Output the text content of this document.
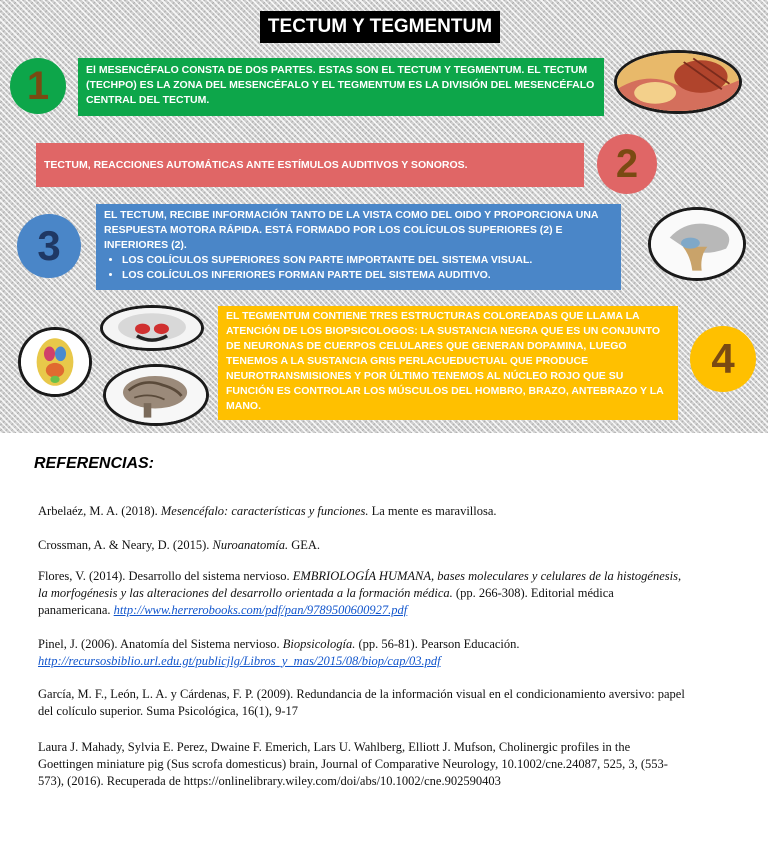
TECTUM Y TEGMENTUM
1	El MESENCÉFALO CONSTA DE DOS PARTES. ESTAS SON EL TECTUM Y TEGMENTUM. EL TECTUM (TECHPO) ES LA ZONA DEL MESENCÉFALO Y EL TEGMENTUM ES LA DIVISIÓN DEL MESENCÉFALO CENTRAL DEL TECTUM.
TECTUM, REACCIONES AUTOMÁTICAS ANTE ESTÍMULOS AUDITIVOS Y SONOROS.	2
3
EL TECTUM, RECIBE INFORMACIÓN TANTO DE LA VISTA COMO DEL OIDO Y PROPORCIONA UNA RESPUESTA MOTORA RÁPIDA. ESTÁ FORMADO POR LOS COLÍCULOS SUPERIORES (2) E INFERIORES (2).
• LOS COLÍCULOS SUPERIORES SON PARTE IMPORTANTE DEL SISTEMA VISUAL.
• LOS COLÍCULOS INFERIORES FORMAN PARTE DEL SISTEMA AUDITIVO.
EL TEGMENTUM CONTIENE TRES ESTRUCTURAS COLOREADAS QUE LLAMA LA ATENCIÓN DE LOS BIOPSICOLOGOS: LA SUSTANCIA NEGRA QUE ES UN CONJUNTO DE NEURONAS DE CUERPOS CELULARES QUE GENERAN DOPAMINA, LUEGO TENEMOS A LA SUSTANCIA GRIS PERLACUEDUCTUAL QUE PRODUCE NEUROTRANSMISIONES Y POR ÚLTIMO TENEMOS AL NÚCLEO ROJO QUE SU FUNCIÓN ES CONTROLAR LOS MÚSCULOS DEL HOMBRO, BRAZO, ANTEBRAZO Y LA MANO.
4
REFERENCIAS:
Arbelaéz, M. A. (2018). Mesencéfalo: características y funciones. La mente es maravillosa.
Crossman, A. & Neary, D. (2015). Nuroanatomía. GEA.
Flores, V. (2014). Desarrollo del sistema nervioso. EMBRIOLOGÍA HUMANA, bases moleculares y celulares de la histogénesis, la morfogénesis y las alteraciones del desarrollo orientada a la formación médica. (pp. 266-308). Editorial médica panamericana. http://www.herrerobooks.com/pdf/pan/9789500600927.pdf
Pinel, J. (2006). Anatomía del Sistema nervioso. Biopsicología. (pp. 56-81). Pearson Educación.
http://recursosbiblio.url.edu.gt/publicjlg/Libros_y_mas/2015/08/biop/cap/03.pdf
García, M. F., León, L. A. y Cárdenas, F. P. (2009). Redundancia de la información visual en el condicionamiento aversivo: papel del colículo superior. Suma Psicológica, 16(1), 9-17
Laura J. Mahady, Sylvia E. Perez, Dwaine F. Emerich, Lars U. Wahlberg, Elliott J. Mufson, Cholinergic profiles in the Goettingen miniature pig (Sus scrofa domesticus) brain, Journal of Comparative Neurology, 10.1002/cne.24087, 525, 3, (553-573), (2016). Recuperada de https://onlinelibrary.wiley.com/doi/abs/10.1002/cne.902590403
